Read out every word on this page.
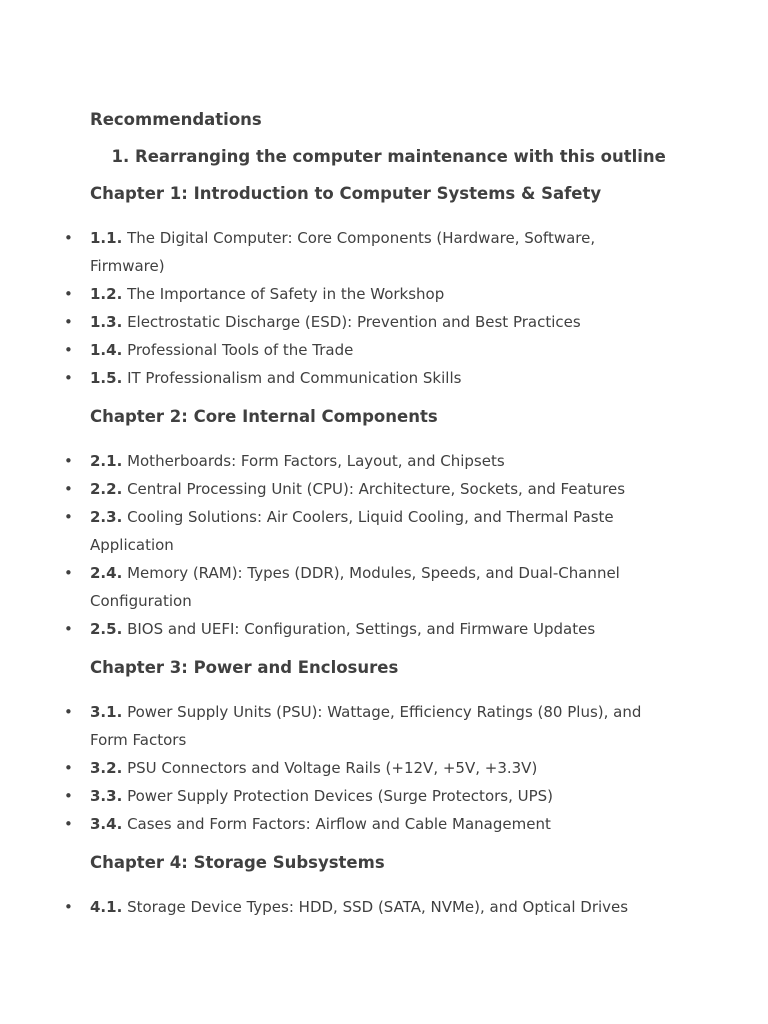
Recommendations
1. Rearranging the computer maintenance with this outline
Chapter 1: Introduction to Computer Systems & Safety
• 1.1. The Digital Computer: Core Components (Hardware, Software, Firmware)
• 1.2. The Importance of Safety in the Workshop
• 1.3. Electrostatic Discharge (ESD): Prevention and Best Practices
• 1.4. Professional Tools of the Trade
• 1.5. IT Professionalism and Communication Skills
Chapter 2: Core Internal Components
• 2.1. Motherboards: Form Factors, Layout, and Chipsets
• 2.2. Central Processing Unit (CPU): Architecture, Sockets, and Features
• 2.3. Cooling Solutions: Air Coolers, Liquid Cooling, and Thermal Paste Application
• 2.4. Memory (RAM): Types (DDR), Modules, Speeds, and Dual-Channel Configuration
• 2.5. BIOS and UEFI: Configuration, Settings, and Firmware Updates
Chapter 3: Power and Enclosures
• 3.1. Power Supply Units (PSU): Wattage, Efficiency Ratings (80 Plus), and Form Factors
• 3.2. PSU Connectors and Voltage Rails (+12V, +5V, +3.3V)
• 3.3. Power Supply Protection Devices (Surge Protectors, UPS)
• 3.4. Cases and Form Factors: Airflow and Cable Management
Chapter 4: Storage Subsystems
• 4.1. Storage Device Types: HDD, SSD (SATA, NVMe), and Optical Drives
